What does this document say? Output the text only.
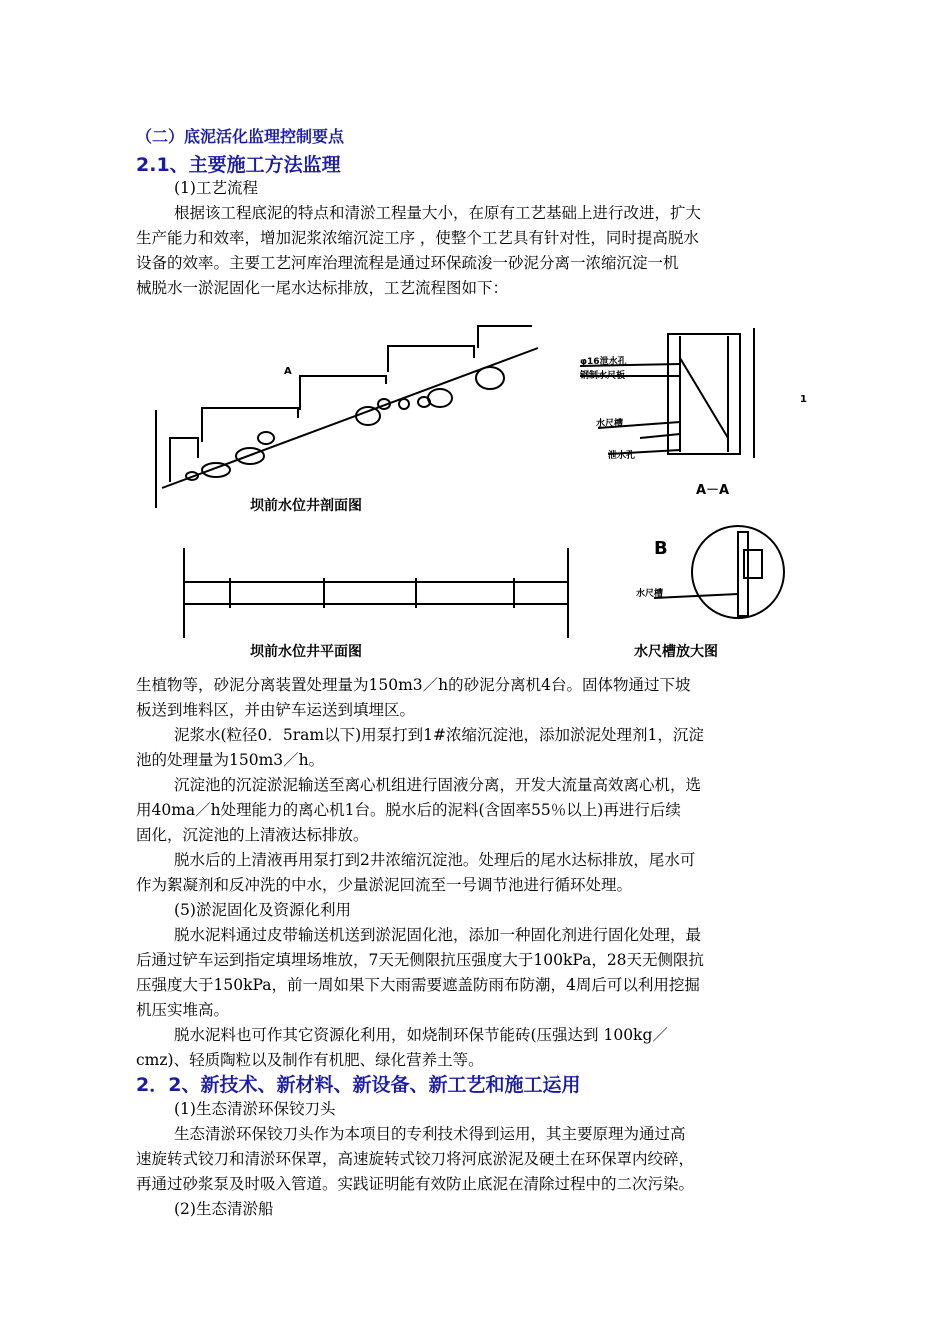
（二）底泥活化监理控制要点
2.1、主要施工方法监理
(1)工艺流程
根据该工程底泥的特点和清淤工程量大小，在原有工艺基础上进行改进，扩大
生产能力和效率，增加泥浆浓缩沉淀工序 ，使整个工艺具有针对性，同时提高脱水
设备的效率。主要工艺河库治理流程是通过环保疏浚一砂泥分离一浓缩沉淀一机
械脱水一淤泥固化一尾水达标排放，工艺流程图如下：
坝前水位井剖面图
A－A
坝前水位井平面图	水尺槽放大图
A
B
φ16泄水孔
钢制水尺板
水尺槽
泄水孔
水尺槽
1
生植物等，砂泥分离装置处理量为150m3／h的砂泥分离机4台。固体物通过下坡
板送到堆料区，并由铲车运送到填埋区。
泥浆水(粒径0．5ram以下)用泵打到1#浓缩沉淀池，添加淤泥处理剂1，沉淀
池的处理量为150m3／h。
沉淀池的沉淀淤泥输送至离心机组进行固液分离，开发大流量高效离心机，选
用40ma／h处理能力的离心机1台。脱水后的泥料(含固率55％以上)再进行后续
固化，沉淀池的上清液达标排放。
脱水后的上清液再用泵打到2井浓缩沉淀池。处理后的尾水达标排放，尾水可
作为絮凝剂和反冲洗的中水，少量淤泥回流至一号调节池进行循环处理。
(5)淤泥固化及资源化利用
脱水泥料通过皮带输送机送到淤泥固化池，添加一种固化剂进行固化处理，最
后通过铲车运到指定填埋场堆放，7天无侧限抗压强度大于100kPa，28天无侧限抗
压强度大于150kPa，前一周如果下大雨需要遮盖防雨布防潮，4周后可以利用挖掘
机压实堆高。
脱水泥料也可作其它资源化利用，如烧制环保节能砖(压强达到 100kg／
cmz)、轻质陶粒以及制作有机肥、绿化营养土等。
2．2、新技术、新材料、新设备、新工艺和施工运用
(1)生态清淤环保铰刀头
生态清淤环保铰刀头作为本项目的专利技术得到运用，其主要原理为通过高
速旋转式铰刀和清淤环保罩，高速旋转式铰刀将河底淤泥及硬土在环保罩内绞碎，
再通过砂浆泵及时吸入管道。实践证明能有效防止底泥在清除过程中的二次污染。
(2)生态清淤船
